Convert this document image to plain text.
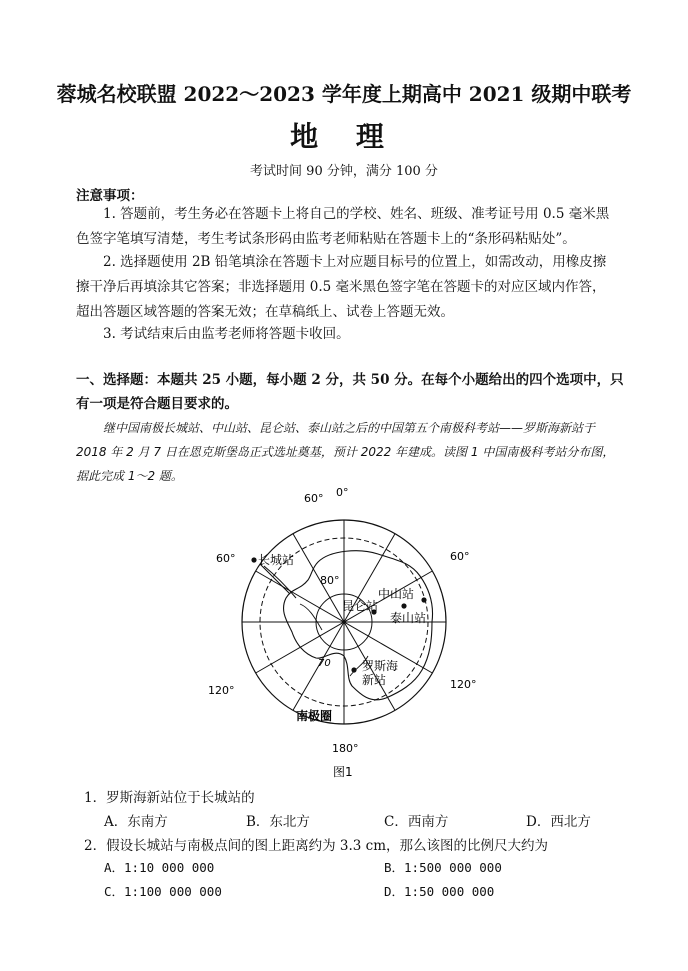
蓉城名校联盟 2022～2023 学年度上期高中 2021 级期中联考
地 理
考试时间 90 分钟，满分 100 分
注意事项：
1. 答题前，考生务必在答题卡上将自己的学校、姓名、班级、准考证号用 0.5 毫米黑色签字笔填写清楚，考生考试条形码由监考老师粘贴在答题卡上的“条形码粘贴处”。
2. 选择题使用 2B 铅笔填涂在答题卡上对应题目标号的位置上，如需改动，用橡皮擦擦干净后再填涂其它答案；非选择题用 0.5 毫米黑色签字笔在答题卡的对应区域内作答，超出答题区域答题的答案无效；在草稿纸上、试卷上答题无效。
3. 考试结束后由监考老师将答题卡收回。
一、选择题：本题共 25 小题，每小题 2 分，共 50 分。在每个小题给出的四个选项中，只有一项是符合题目要求的。
继中国南极长城站、中山站、昆仑站、泰山站之后的中国第五个南极科考站——罗斯海新站于 2018 年 2 月 7 日在恩克斯堡岛正式选址奠基，预计 2022 年建成。读图 1 中国南极科考站分布图，据此完成 1～2 题。
0°
60°
60°	60°
80°
120°	120°
180°
70
长城站
中山站
昆仑站
泰山站
罗斯海
新站
南极圈
图1
1．罗斯海新站位于长城站的
A．东南方	B．东北方	C．西南方	D．西北方
2．假设长城站与南极点间的图上距离约为 3.3 cm，那么该图的比例尺大约为
A．1:10 000 000	B．1:500 000 000
C．1:100 000 000	D．1:50 000 000
